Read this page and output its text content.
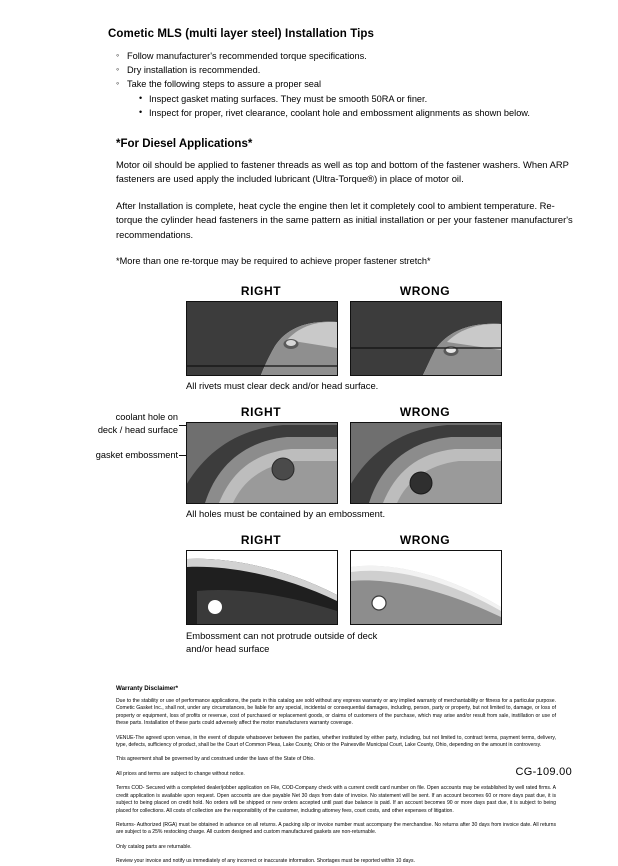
Cometic MLS (multi layer steel) Installation Tips
◦ Follow manufacturer's recommended torque specifications.
◦ Dry installation is recommended.
◦ Take the following steps to assure a proper seal
• Inspect gasket mating surfaces. They must be smooth 50RA or finer.
• Inspect for proper, rivet clearance, coolant hole and embossment alignments as shown below.
*For Diesel Applications*

Motor oil should be applied to fastener threads as well as top and bottom of the fastener washers. When ARP fasteners are used apply the included lubricant (Ultra-Torque®) in place of motor oil.

After Installation is complete, heat cycle the engine then let it completely cool to ambient temperature. Re-torque the cylinder head fasteners in the same pattern as initial installation or per your fastener manufacturer's recommendations.

*More than one re-torque may be required to achieve proper fastener stretch*

RIGHT	WRONG
All rivets must clear deck and/or head surface.
coolant hole on
deck / head surface
gasket embossment
RIGHT	WRONG
All holes must be contained by an embossment.
RIGHT	WRONG
Embossment can not protrude outside of deck
and/or head surface
Warranty Disclaimer*

Due to the stability or use of performance applications, the parts in this catalog are sold without any express warranty or any implied warranty of merchantability or fitness for a particular purpose. Cometic Gasket Inc., shall not, under any circumstances, be liable for any special, incidental or consequential damages, including, person, party or property, but not limited to, damage, or loss of property or equipment, loss of profits or revenue, cost of purchased or replacement goods, or claims of customers of the purchase, which may arise and/or result from sale, instillation or use of these parts. Installation of these parts could adversely affect the motor manufacturers warranty coverage.

VENUE-The agreed upon venue, in the event of dispute whatsoever between the parties, whether instituted by either party, including, but not limited to, contract terms, payment terms, delivery, type, defects, sufficiency of product, shall be the Court of Common Pleas, Lake County, Ohio or the Painesville Municipal Court, Lake County, Ohio, depending on the amount in controversy.

This agreement shall be governed by and construed under the laws of the State of Ohio.

All prices and terms are subject to change without notice.

Terms COD- Secured with a completed dealer/jobber application on File, COD-Company check with a current credit card number on file. Open accounts may be established by well rated firms. A credit application is available upon request. Open accounts are due payable Net 30 days from date of invoice. No statement will be sent. If an account becomes 60 or more days past due, it is subject to being placed on credit hold. No orders will be shipped or new orders accepted until past due balance is paid. If an account becomes 90 or more days past due, it is subject to being placed for collections. All costs of collection are the responsibility of the customer, including attorney fees, court costs, and other expenses of litigation.

Returns- Authorized (RGA) must be obtained in advance on all returns. A packing slip or invoice number must accompany the merchandise. No returns after 30 days from invoice date. All returns are subject to a 25% restocking charge. All custom designed and custom manufactured gaskets are non-returnable.

Only catalog parts are returnable.

Review your invoice and notify us immediately of any incorrect or inaccurate information. Shortages must be reported within 10 days.

CG-109.00
